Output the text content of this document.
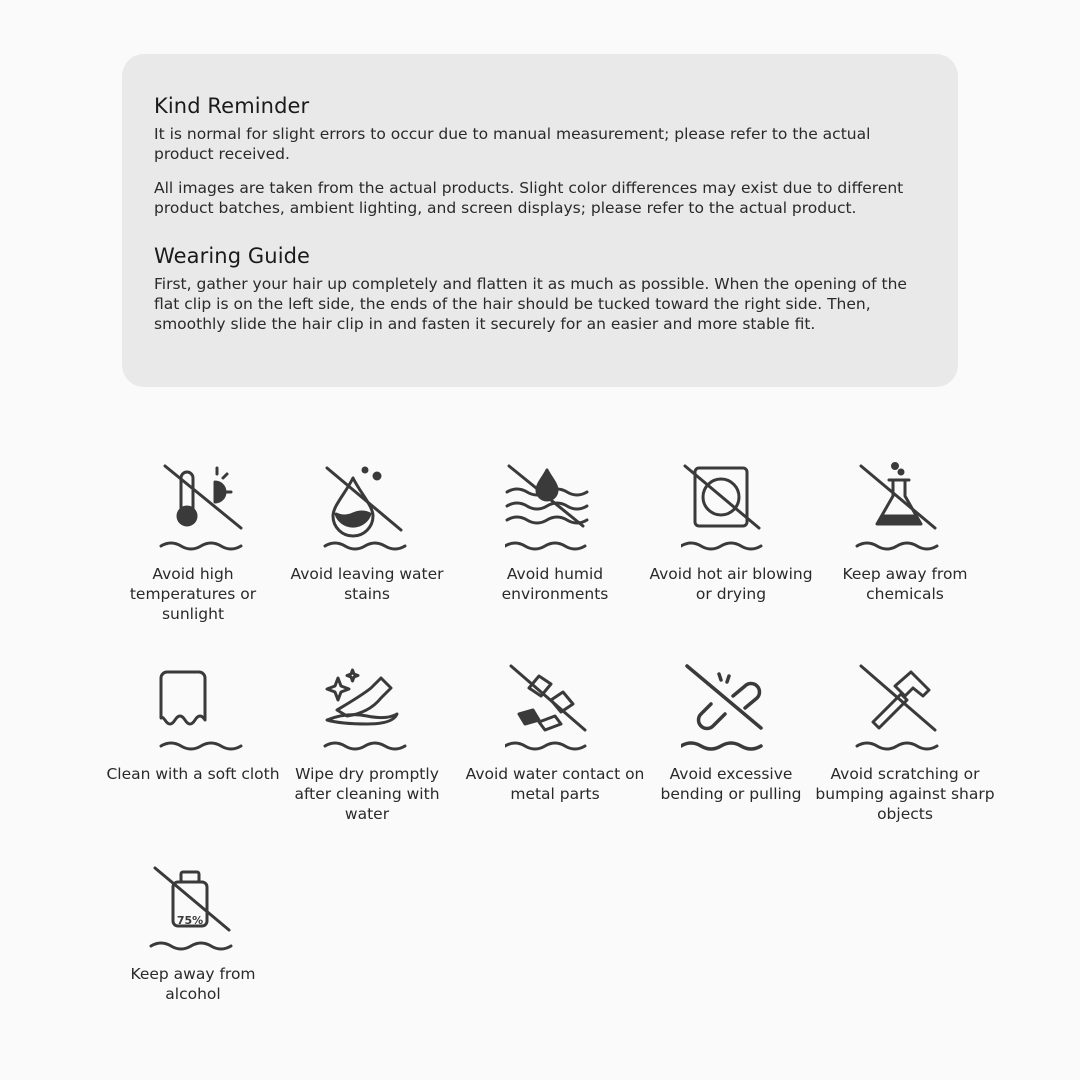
Kind Reminder

It is normal for slight errors to occur due to manual measurement; please refer to the actual product received.

All images are taken from the actual products. Slight color differences may exist due to different product batches, ambient lighting, and screen displays; please refer to the actual product.

Wearing Guide

First, gather your hair up completely and flatten it as much as possible. When the opening of the flat clip is on the left side, the ends of the hair should be tucked toward the right side. Then, smoothly slide the hair clip in and fasten it securely for an easier and more stable fit.

Avoid high temperatures or sunlight
Avoid leaving water stains
Avoid humid environments
Avoid hot air blowing or drying
Keep away from chemicals
Clean with a soft cloth	Wipe dry promptly after cleaning with water
Avoid water contact on metal parts
Avoid excessive bending or pulling
Avoid scratching or bumping against sharp objects
75%
Keep away from alcohol
